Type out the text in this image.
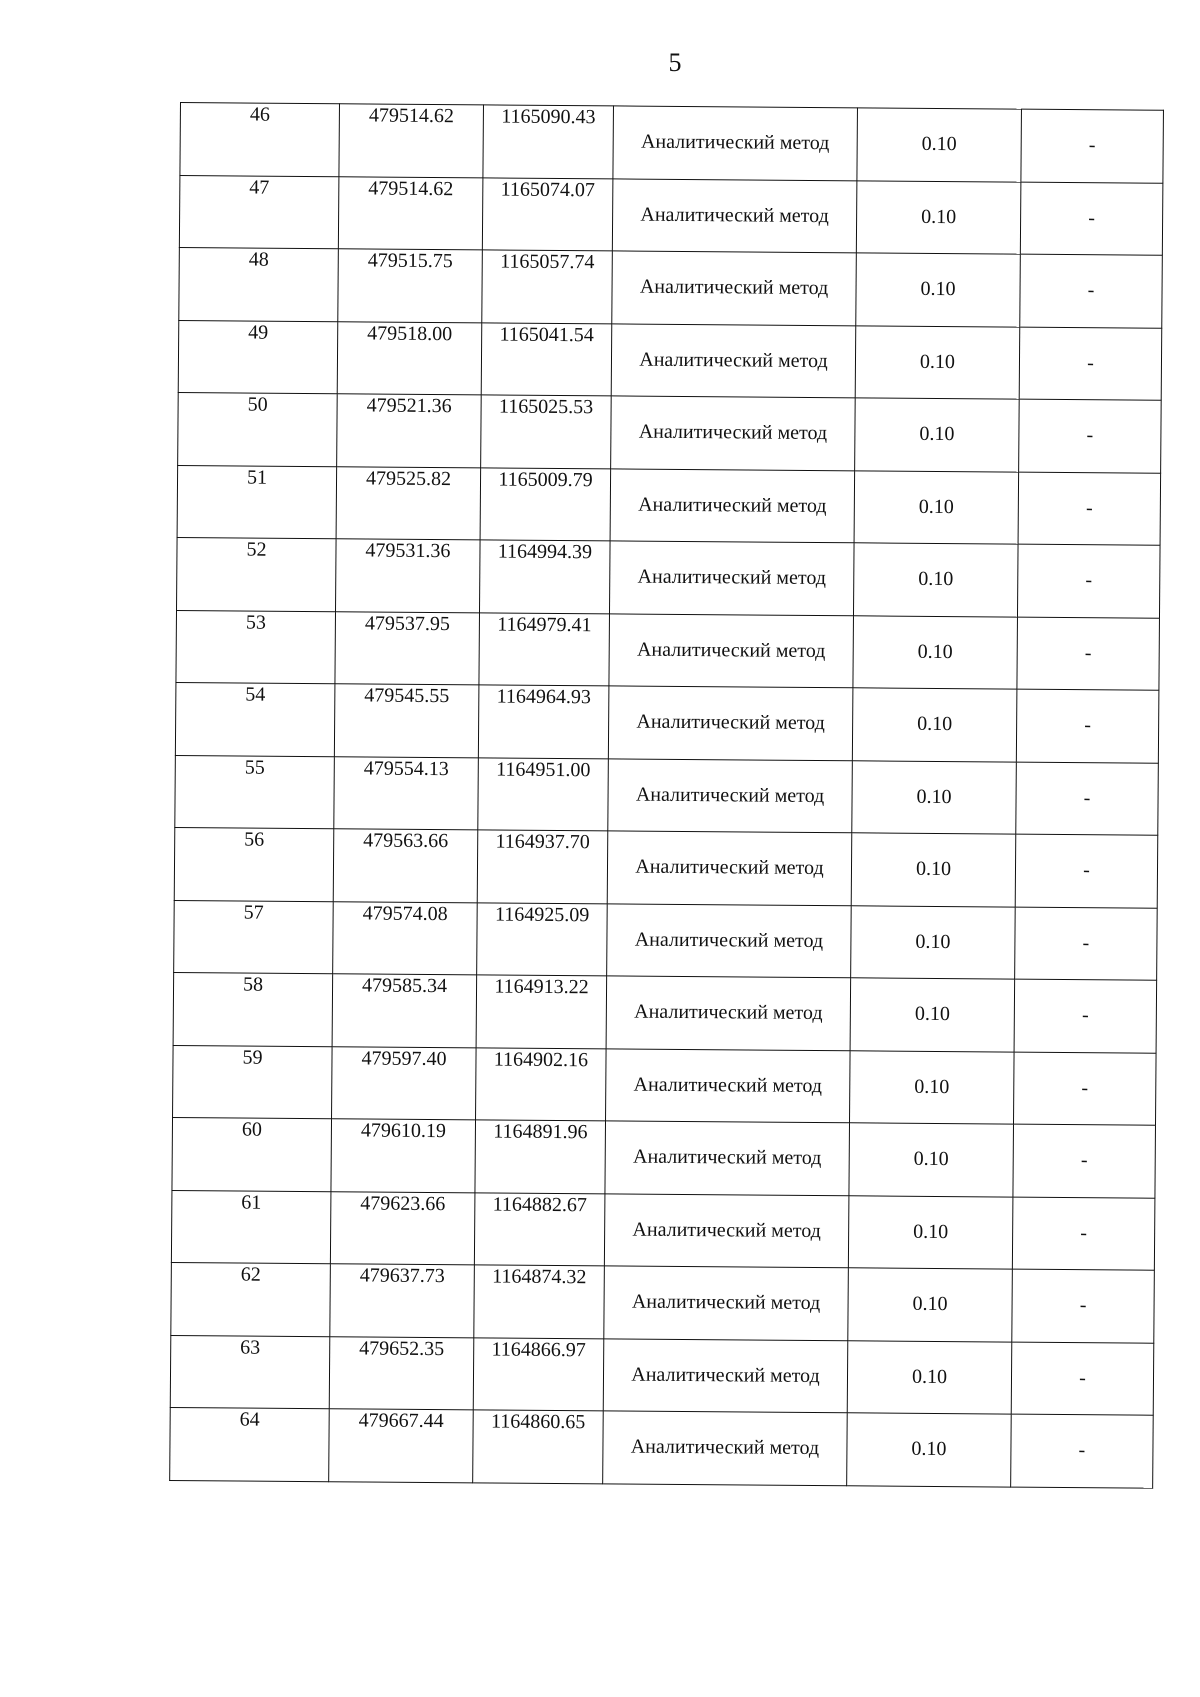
5
46	479514.62	1165090.43	Аналитический метод	0.10	-
47	479514.62	1165074.07	Аналитический метод	0.10	-
48	479515.75	1165057.74	Аналитический метод	0.10	-
49	479518.00	1165041.54	Аналитический метод	0.10	-
50	479521.36	1165025.53	Аналитический метод	0.10	-
51	479525.82	1165009.79	Аналитический метод	0.10	-
52	479531.36	1164994.39	Аналитический метод	0.10	-
53	479537.95	1164979.41	Аналитический метод	0.10	-
54	479545.55	1164964.93	Аналитический метод	0.10	-
55	479554.13	1164951.00	Аналитический метод	0.10	-
56	479563.66	1164937.70	Аналитический метод	0.10	-
57	479574.08	1164925.09	Аналитический метод	0.10	-
58	479585.34	1164913.22	Аналитический метод	0.10	-
59	479597.40	1164902.16	Аналитический метод	0.10	-
60	479610.19	1164891.96	Аналитический метод	0.10	-
61	479623.66	1164882.67	Аналитический метод	0.10	-
62	479637.73	1164874.32	Аналитический метод	0.10	-
63	479652.35	1164866.97	Аналитический метод	0.10	-
64	479667.44	1164860.65	Аналитический метод	0.10	-
